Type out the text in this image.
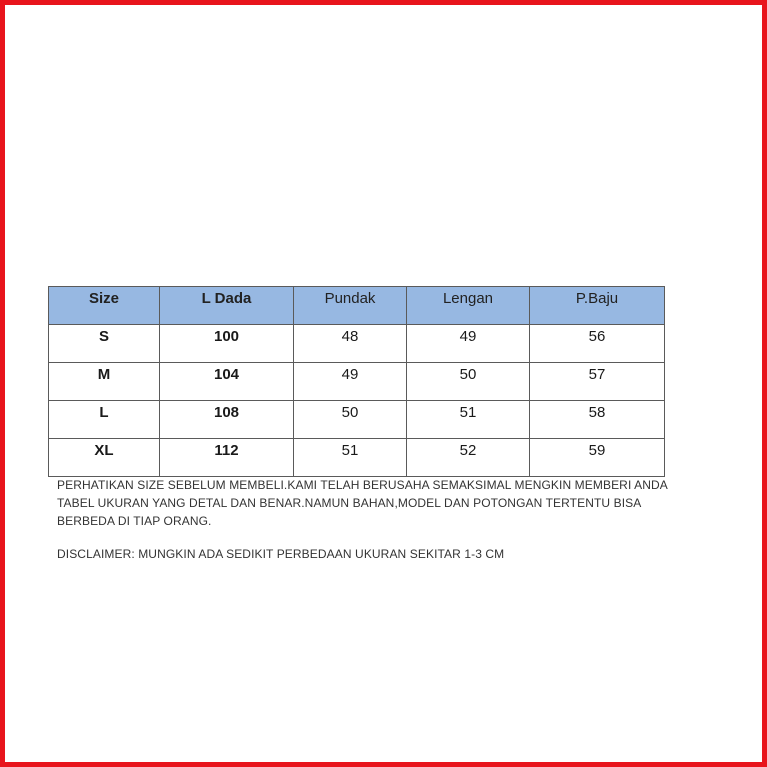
Size	L Dada	Pundak	Lengan	P.Baju
S	100	48	49	56
M	104	49	50	57
L	108	50	51	58
XL	112	51	52	59

PERHATIKAN SIZE SEBELUM MEMBELI.KAMI TELAH BERUSAHA SEMAKSIMAL MENGKIN MEMBERI ANDA TABEL UKURAN YANG DETAL DAN BENAR.NAMUN BAHAN,MODEL DAN POTONGAN TERTENTU BISA BERBEDA DI TIAP ORANG.

DISCLAIMER: MUNGKIN ADA SEDIKIT PERBEDAAN UKURAN SEKITAR 1-3 CM
